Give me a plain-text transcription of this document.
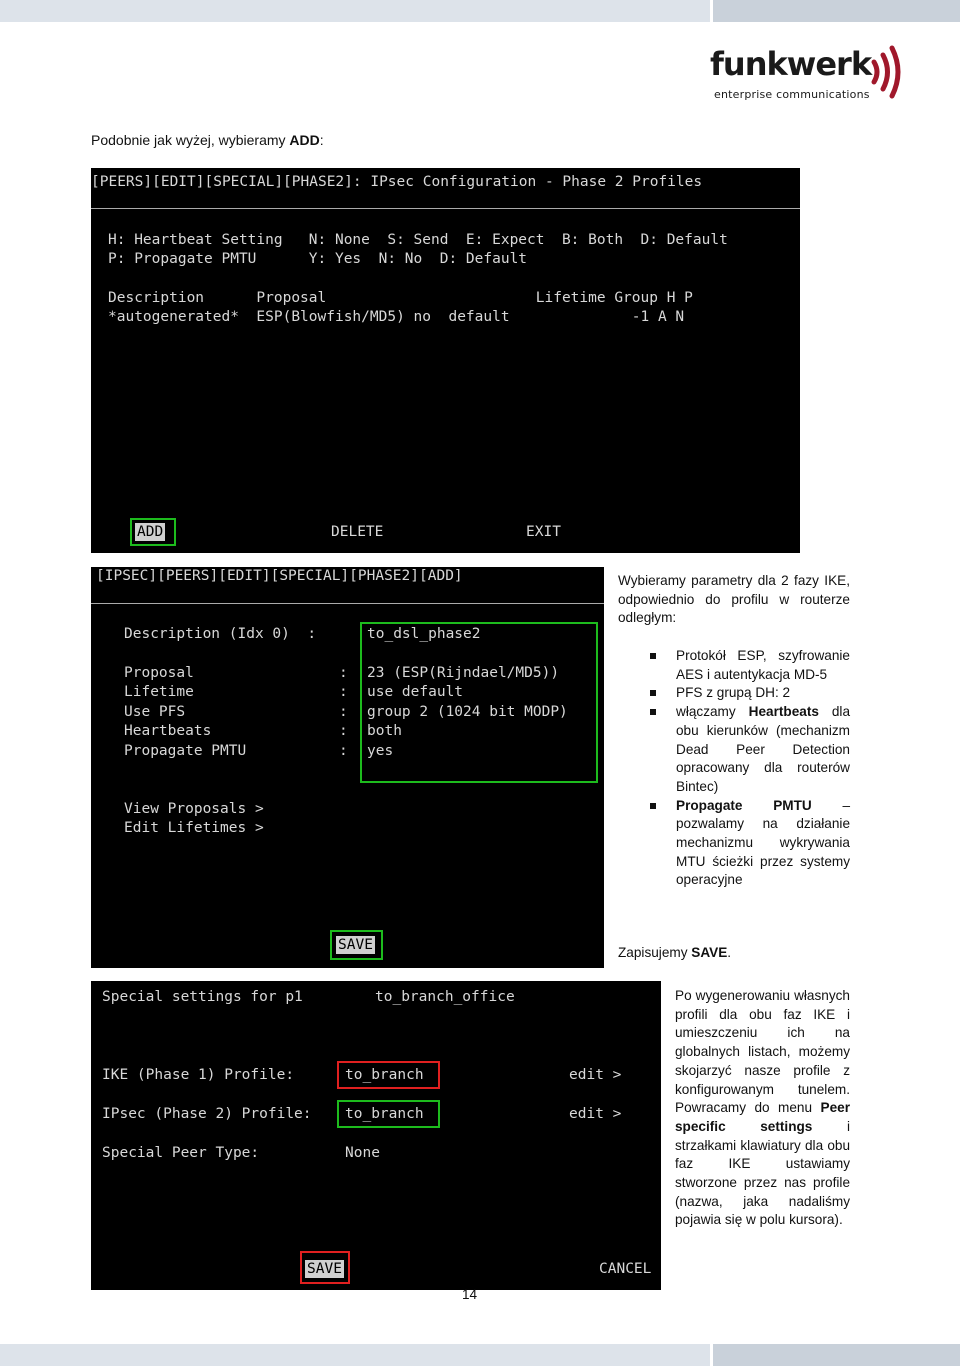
funkwerk
enterprise communications
Podobnie jak wyżej, wybieramy ADD:
[PEERS][EDIT][SPECIAL][PHASE2]: IPsec Configuration - Phase 2 Profiles
H: Heartbeat Setting   N: None  S: Send  E: Expect  B: Both  D: Default
P: Propagate PMTU      Y: Yes  N: No  D: Default
Description      Proposal                        Lifetime Group H P
*autogenerated*  ESP(Blowfish/MD5) no  default              -1 A N
ADD	DELETE	EXIT
[IPSEC][PEERS][EDIT][SPECIAL][PHASE2][ADD]
Description (Idx 0)  :	to_dsl_phase2
Proposal	: 23 (ESP(Rijndael/MD5))
Lifetime	: use default
Use PFS	: group 2 (1024 bit MODP)
Heartbeats	: both
Propagate PMTU	: yes
View Proposals >
Edit Lifetimes >
SAVE
Wybieramy parametry dla 2 fazy IKE, odpowiednio do profilu w routerze odległym:
Protokół ESP, szyfrowanie AES i autentykacja MD-5
PFS z grupą DH: 2
włączamy Heartbeats dla obu kierunków (mechanizm Dead Peer Detection opracowany dla routerów Bintec)
Propagate PMTU – pozwalamy na działanie mechanizmu wykrywania MTU ścieżki przez systemy operacyjne
Zapisujemy SAVE.
Special settings for p1	to_branch_office
IKE (Phase 1) Profile:	to_branch	edit >
IPsec (Phase 2) Profile: to_branch	edit >
Special Peer Type:	None
SAVE	CANCEL
Po wygenerowaniu własnych profili dla obu faz IKE i umieszczeniu ich na globalnych listach, możemy skojarzyć nasze profile z konfigurowanym tunelem. Powracamy do menu Peer specific settings i strzałkami klawiatury dla obu faz IKE ustawiamy stworzone przez nas profile (nazwa, jaka nadaliśmy pojawia się w polu kursora).
14
